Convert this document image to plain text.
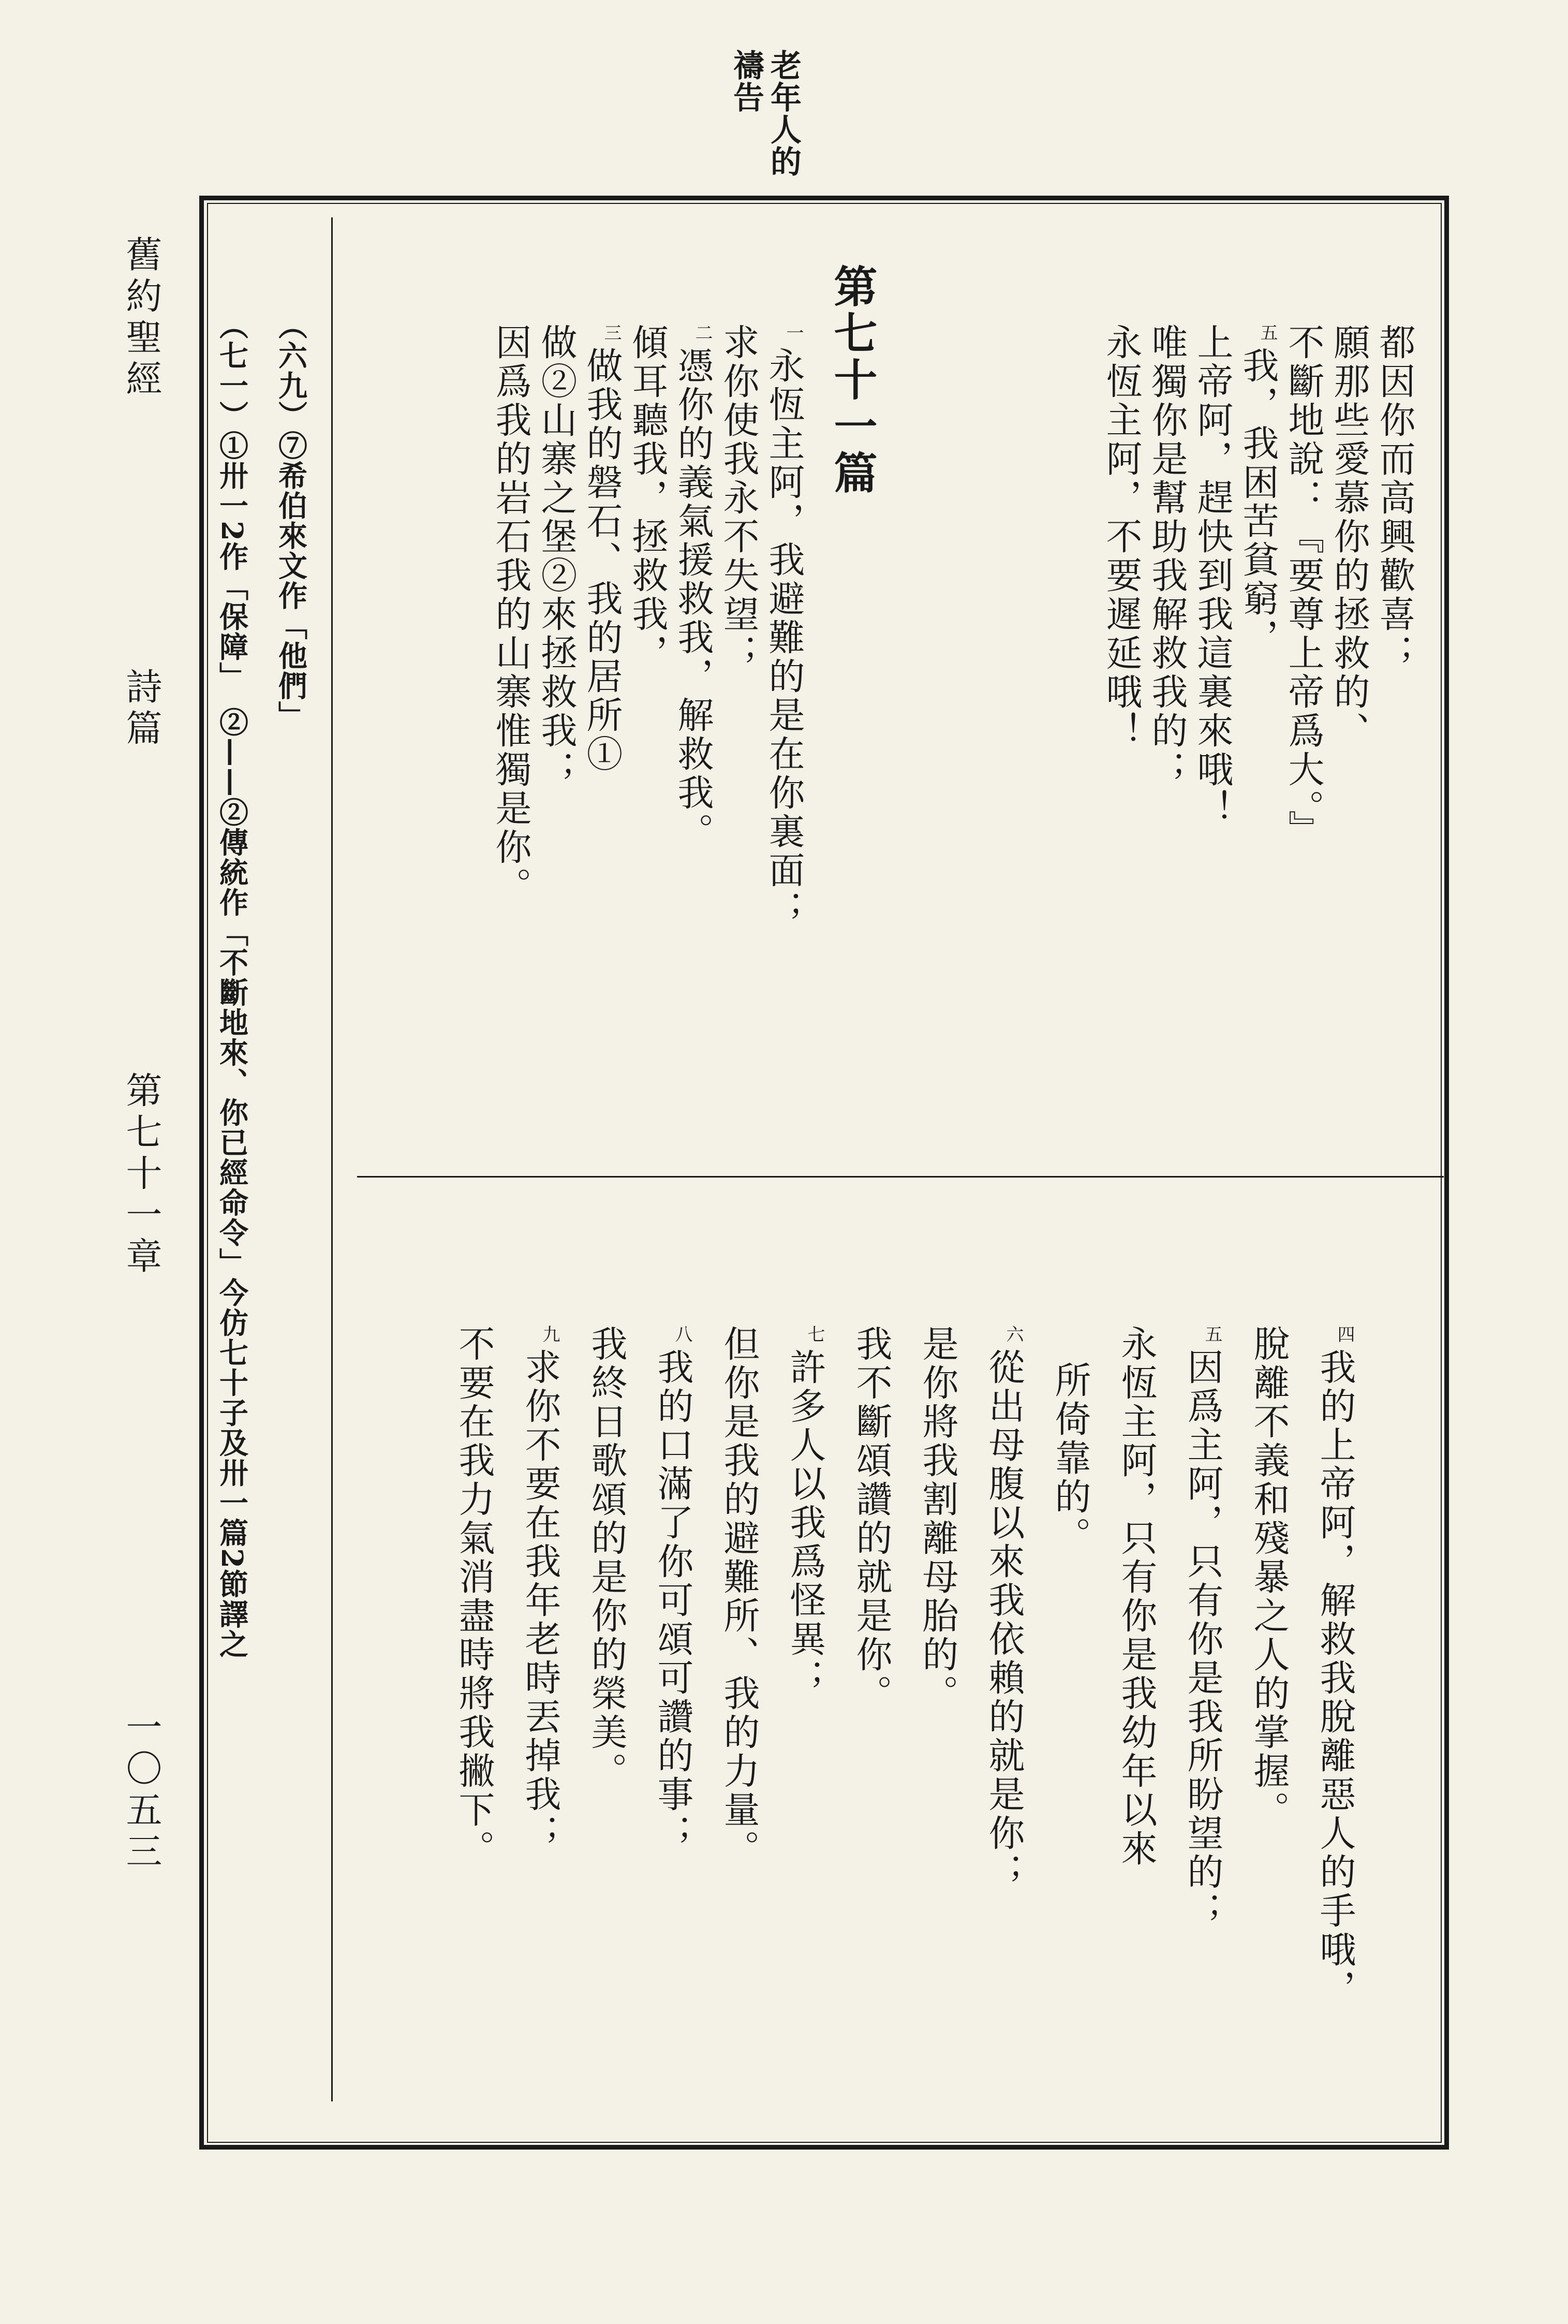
老年人的
禱告
舊約聖經
詩篇
第七十一章
一〇五三
都因你而高興歡喜；
願那些愛慕你的拯救的、
不斷地說：『要尊上帝爲大。』
$^五$我，我困苦貧窮，
上帝阿，趕快到我這裏來哦！
唯獨你是幫助我解救我的；
永恆主阿，不要遲延哦！
第七十一篇
$^一$永恆主阿，我避難的是在你裏面；
求你使我永不失望；
$^二$憑你的義氣援救我，解救我。
傾耳聽我，拯救我，
$^三$做我的磐石、我的居所①
做②山寨之堡②來拯救我；
因爲我的岩石我的山寨惟獨是你。
$^四$我的上帝阿，解救我脫離惡人的手哦，
脫離不義和殘暴之人的掌握。
$^五$因爲主阿，只有你是我所盼望的；
永恆主阿，只有你是我幼年以來
所倚靠的。
$^六$從出母腹以來我依賴的就是你；
是你將我割離母胎的。
我不斷頌讚的就是你。
$^七$許多人以我爲怪異；
但你是我的避難所、我的力量。
$^八$我的口滿了你可頌可讚的事；
我終日歌頌的是你的榮美。
$^九$求你不要在我年老時丟掉我；
不要在我力氣消盡時將我撇下。
（六九）⑦希伯來文作「他們」
（七一）①卅一2作「保障」　②——②傳統作「不斷地來、你已經命令」今仿七十子及卅一篇2節譯之
